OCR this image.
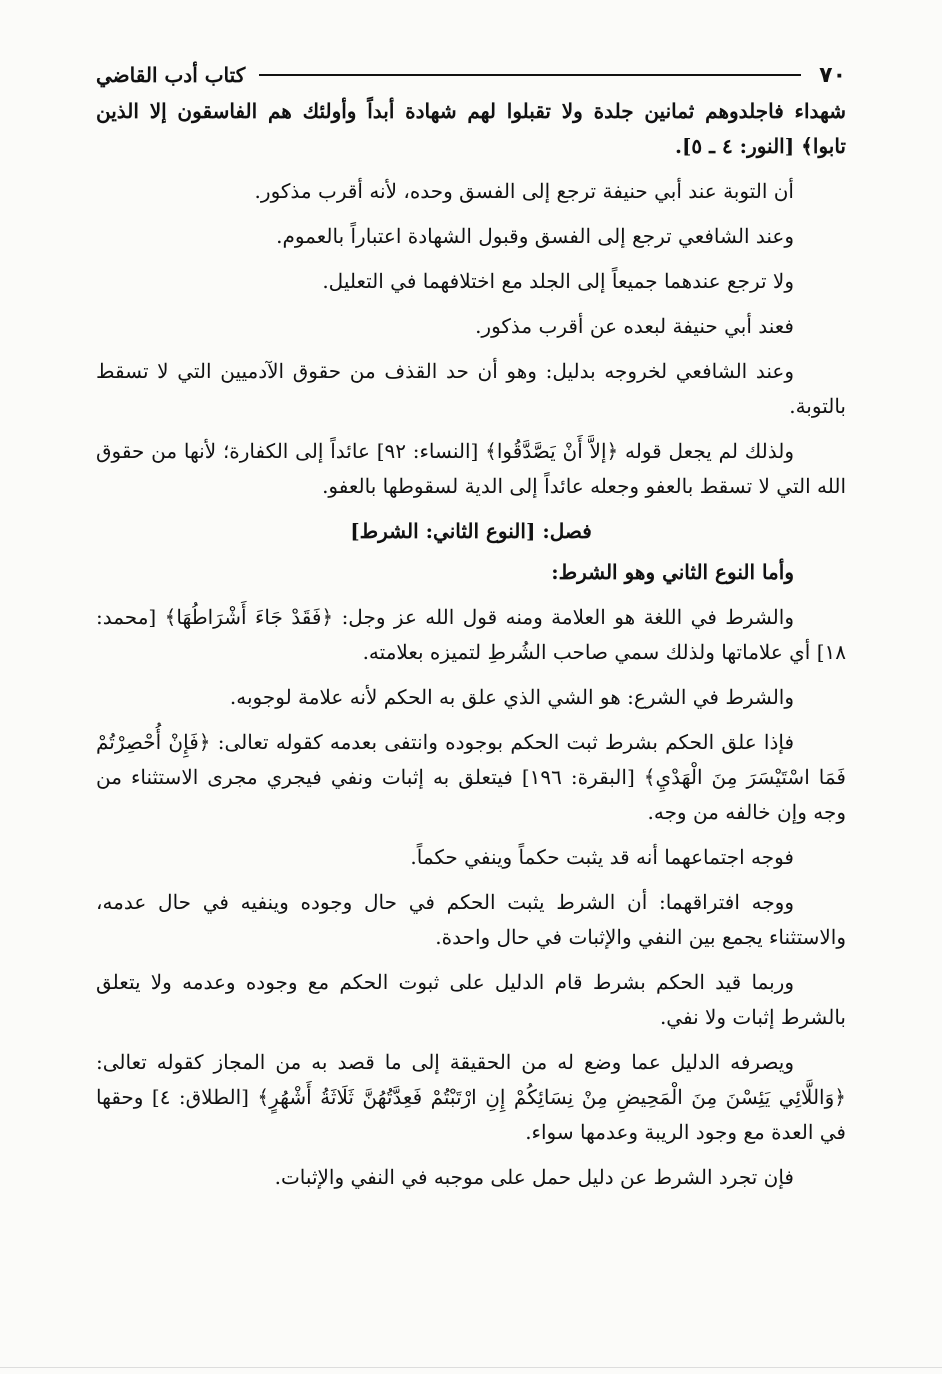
٧٠
كتاب أدب القاضي

شهداء فاجلدوهم ثمانين جلدة ولا تقبلوا لهم شهادة أبداً وأولئك هم الفاسقون إلا الذين تابوا﴾ [النور: ٤ ـ ٥].

أن التوبة عند أبي حنيفة ترجع إلى الفسق وحده، لأنه أقرب مذكور.

وعند الشافعي ترجع إلى الفسق وقبول الشهادة اعتباراً بالعموم.

ولا ترجع عندهما جميعاً إلى الجلد مع اختلافهما في التعليل.

فعند أبي حنيفة لبعده عن أقرب مذكور.

وعند الشافعي لخروجه بدليل: وهو أن حد القذف من حقوق الآدميين التي لا تسقط بالتوبة.

ولذلك لم يجعل قوله ﴿إلاَّ أَنْ يَصَّدَّقُوا﴾ [النساء: ٩٢] عائداً إلى الكفارة؛ لأنها من حقوق الله التي لا تسقط بالعفو وجعله عائداً إلى الدية لسقوطها بالعفو.

فصل: [النوع الثاني: الشرط]

وأما النوع الثاني وهو الشرط:

والشرط في اللغة هو العلامة ومنه قول الله عز وجل: ﴿فَقَدْ جَاءَ أَشْرَاطُهَا﴾ [محمد: ١٨] أي علاماتها ولذلك سمي صاحب الشُرطِ لتميزه بعلامته.

والشرط في الشرع: هو الشي الذي علق به الحكم لأنه علامة لوجوبه.

فإذا علق الحكم بشرط ثبت الحكم بوجوده وانتفى بعدمه كقوله تعالى: ﴿فَإِنْ أُحْصِرْتُمْ فَمَا اسْتَيْسَرَ مِنَ الْهَدْيِ﴾ [البقرة: ١٩٦] فيتعلق به إثبات ونفي فيجري مجرى الاستثناء من وجه وإن خالفه من وجه.

فوجه اجتماعهما أنه قد يثبت حكماً وينفي حكماً.

ووجه افتراقهما: أن الشرط يثبت الحكم في حال وجوده وينفيه في حال عدمه، والاستثناء يجمع بين النفي والإثبات في حال واحدة.

وربما قيد الحكم بشرط قام الدليل على ثبوت الحكم مع وجوده وعدمه ولا يتعلق بالشرط إثبات ولا نفي.

ويصرفه الدليل عما وضع له من الحقيقة إلى ما قصد به من المجاز كقوله تعالى: ﴿وَاللَّائِي يَئِسْنَ مِنَ الْمَحِيضِ مِنْ نِسَائِكُمْ إِنِ ارْتَبْتُمْ فَعِدَّتُهُنَّ ثَلَاثَةُ أَشْهُرٍ﴾ [الطلاق: ٤] وحقها في العدة مع وجود الريبة وعدمها سواء.

فإن تجرد الشرط عن دليل حمل على موجبه في النفي والإثبات.
